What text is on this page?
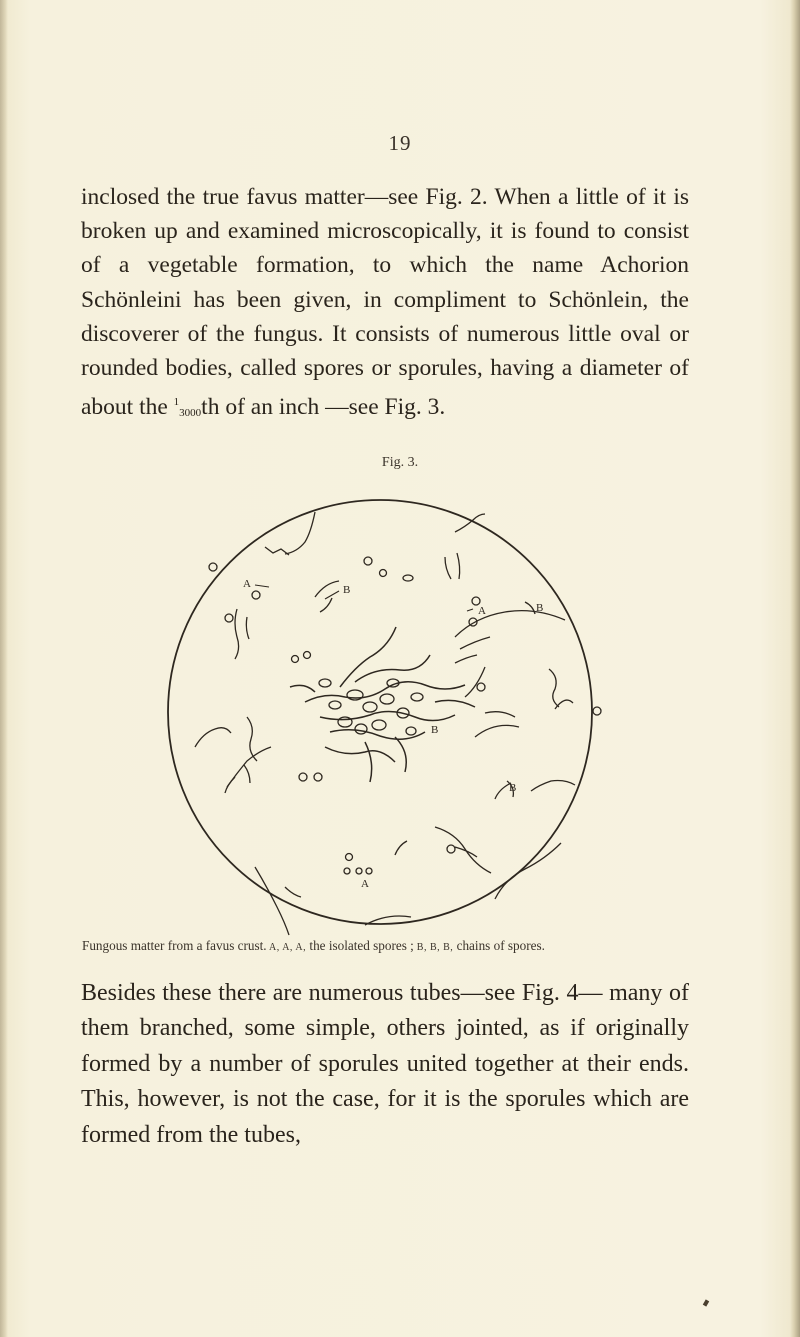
19

inclosed the true favus matter—see Fig. 2. When a little of it is broken up and examined microscopically, it is found to consist of a vegetable formation, to which the name Achorion Schönleini has been given, in compliment to Schönlein, the discoverer of the fungus. It consists of numerous little oval or rounded bodies, called spores or sporules, having a diameter of about the $^1_{3000}$th of an inch —see Fig. 3.

Fig. 3.
A
A
A
B
B
B
B
Fungous matter from a favus crust. A, A, A, the isolated spores ; B, B, B, chains of spores.

Besides these there are numerous tubes—see Fig. 4— many of them branched, some simple, others jointed, as if originally formed by a number of sporules united together at their ends. This, however, is not the case, for it is the sporules which are formed from the tubes,
